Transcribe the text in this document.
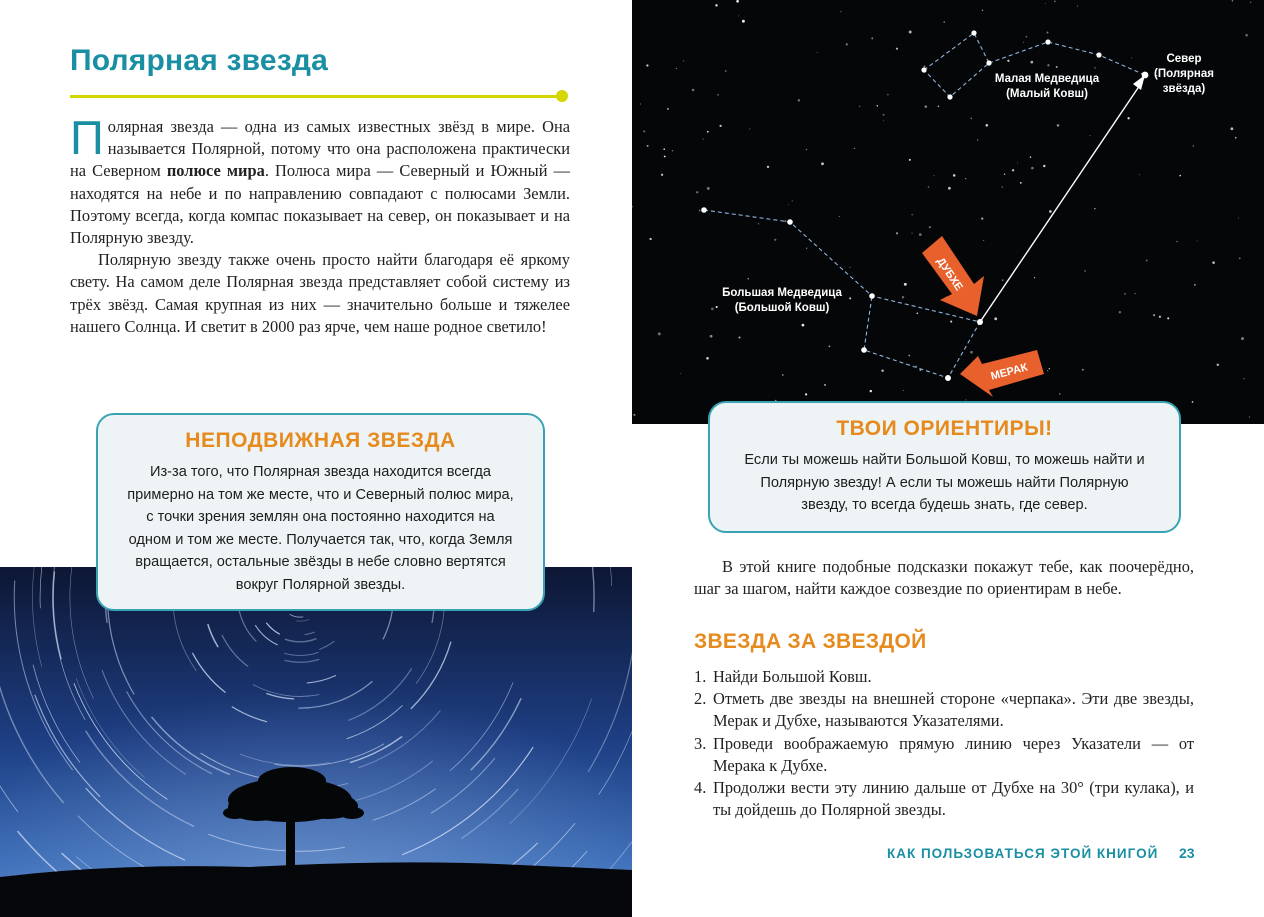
Полярная звезда

Полярная звезда — одна из самых известных звёзд в мире. Она называется Полярной, потому что она расположена практически на Северном полюсе мира. Полюса мира — Северный и Южный — находятся на небе и по направлению совпадают с полюсами Земли. Поэтому всегда, когда компас показывает на север, он показывает и на Полярную звезду.

Полярную звезду также очень просто найти благодаря её яркому свету. На самом деле Полярная звезда представляет собой систему из трёх звёзд. Самая крупная из них — значительно больше и тяжелее нашего Солнца. И светит в 2000 раз ярче, чем наше родное светило!

НЕПОДВИЖНАЯ ЗВЕЗДА

Из-за того, что Полярная звезда находится всегда примерно на том же месте, что и Северный полюс мира, с точки зрения землян она постоянно находится на одном и том же месте. Получается так, что, когда Земля вращается, остальные звёзды в небе словно вертятся вокруг Полярной звезды.

Малая Медведица
(Малый Ковш)
Север
(Полярная
звёзда)
Большая Медведица
(Большой Ковш)
ДУБХЕ
МЕРАК
ТВОИ ОРИЕНТИРЫ!

Если ты можешь найти Большой Ковш, то можешь найти и Полярную звезду! А если ты можешь найти Полярную звезду, то всегда будешь знать, где север.

В этой книге подобные подсказки покажут тебе, как поочерёдно, шаг за шагом, найти каждое созвездие по ориентирам в небе.

ЗВЕЗДА ЗА ЗВЕЗДОЙ
1. Найди Большой Ковш.
2. Отметь две звезды на внешней стороне «черпака». Эти две звезды, Мерак и Дубхе, называются Указателями.
3. Проведи воображаемую прямую линию через Указатели — от Мерака к Дубхе.
4. Продолжи вести эту линию дальше от Дубхе на 30° (три кулака), и ты дойдешь до Полярной звезды.
КАК ПОЛЬЗОВАТЬСЯ ЭТОЙ КНИГОЙ 23
